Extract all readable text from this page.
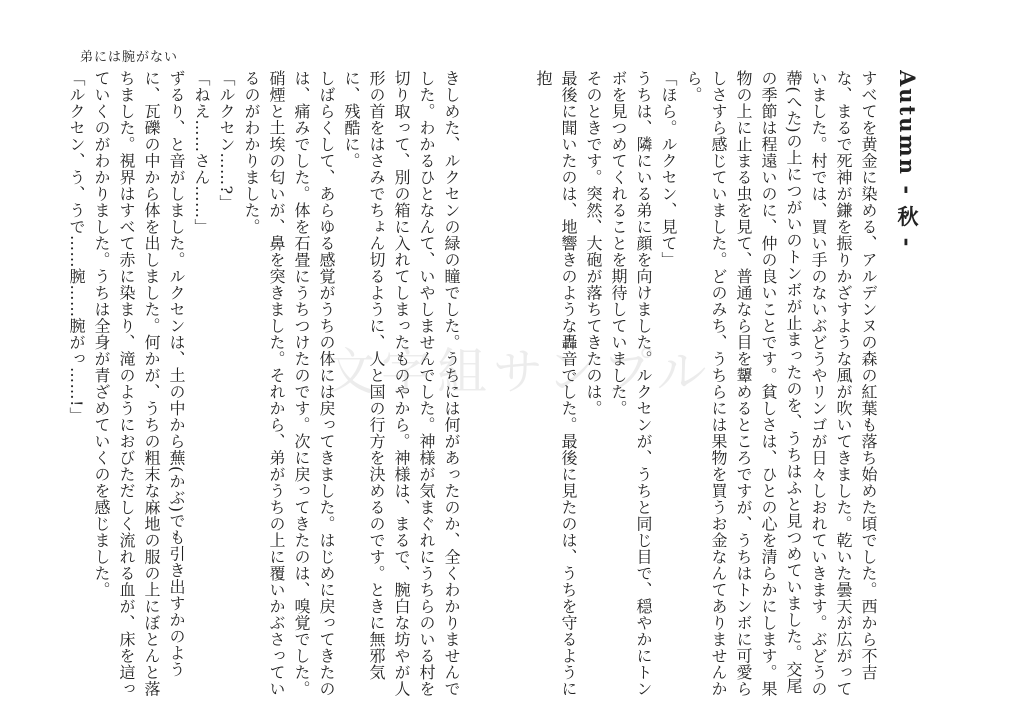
弟には腕がない
Autumn - 秋 -

すべてを黄金に染める、アルデンヌの森の紅葉も落ち始めた頃でした。西から不吉な、まるで死神が鎌を振りかざすような風が吹いてきました。乾いた曇天が広がっていました。村では、買い手のないぶどうやリンゴが日々しおれていきます。ぶどうの蔕(へた)の上につがいのトンボが止まったのを、うちはふと見つめていました。交尾の季節は程遠いのに、仲の良いことです。貧しさは、ひとの心を清らかにします。果物の上に止まる虫を見て、普通なら目を顰めるところですが、うちはトンボに可愛らしさすら感じていました。どのみち、うちらには果物を買うお金なんてありませんから。

「ほら。ルクセン、見て」

うちは、隣にいる弟に顔を向けました。ルクセンが、うちと同じ目で、穏やかにトンボを見つめてくれることを期待していました。

そのときです。突然、大砲が落ちてきたのは。

最後に聞いたのは、地響きのような轟音でした。最後に見たのは、うちを守るように抱

きしめた、ルクセンの緑の瞳でした。うちには何があったのか、全くわかりませんでした。わかるひとなんて、いやしませんでした。神様が気まぐれにうちらのいる村を切り取って、別の箱に入れてしまったものやから。神様は、まるで、腕白な坊やが人形の首をはさみでちょん切るように、人と国の行方を決めるのです。ときに無邪気に、残酷に。

しばらくして、あらゆる感覚がうちの体には戻ってきました。はじめに戻ってきたのは、痛みでした。体を石畳にうちつけたのです。次に戻ってきたのは、嗅覚でした。硝煙と土埃の匂いが、鼻を突きました。それから、弟がうちの上に覆いかぶさっているのがわかりました。

「ルクセン……?」

「ねえ……さん……」

ずるり、と音がしました。ルクセンは、土の中から蕪(かぶ)でも引き出すかのように、瓦礫の中から体を出しました。何かが、うちの粗末な麻地の服の上にぼとんと落ちました。視界はすべて赤に染まり、滝のようにおびただしく流れる血が、床を這っていくのがわかりました。うちは全身が青ざめていくのを感じました。

「ルクセン、う、うで……腕……腕がっ……!」	文字組サンプル
